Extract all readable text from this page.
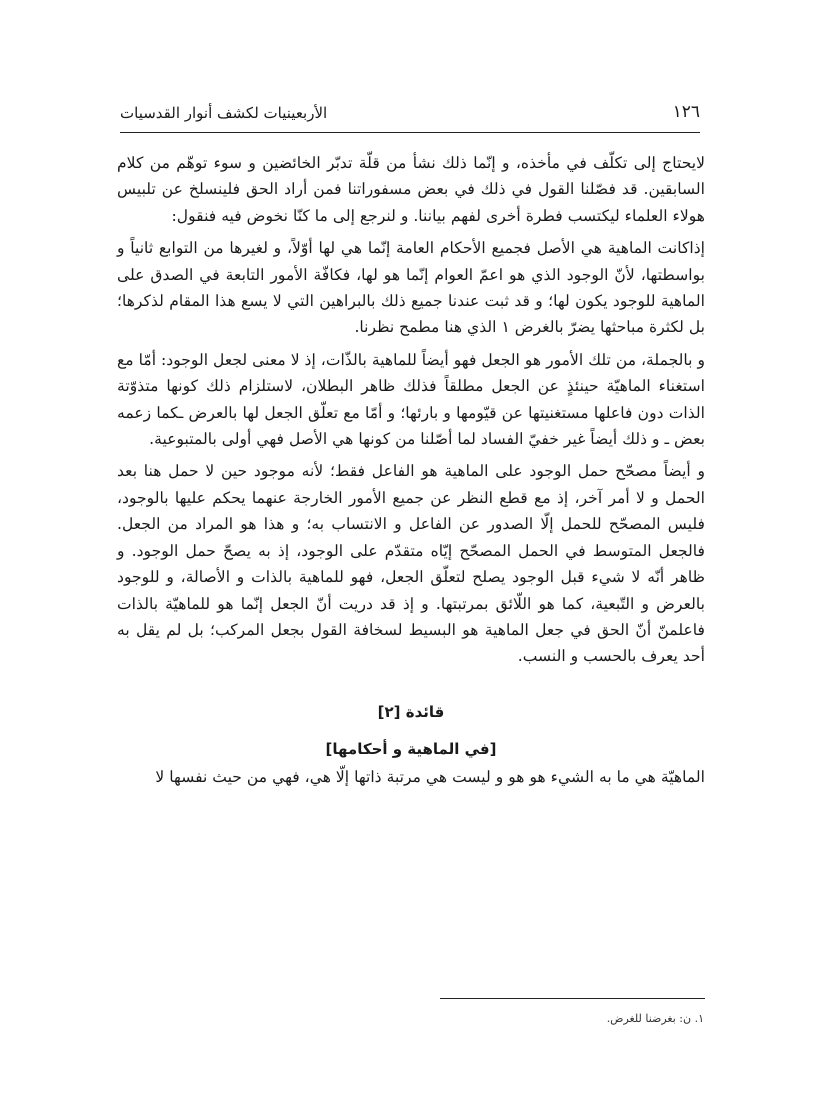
١٢٦
الأربعينيات لكشف أنوار القدسيات

لايحتاج إلى تكلّف في مأخذه، و إنّما ذلك نشأ من قلّة تدبّر الخائضين و سوء توهّم من كلام السابقين. قد فصّلنا القول في ذلك في بعض مسفوراتنا فمن أراد الحق فلينسلخ عن تلبيس هولاء العلماء ليكتسب فطرة أخرى لفهم بياننا. و لنرجع إلى ما كنّا نخوض فيه فنقول:

إذاكانت الماهية هي الأصل فجميع الأحكام العامة إنّما هي لها أوّلاً، و لغيرها من التوابع ثانياً و بواسطتها، لأنّ الوجود الذي هو اعمّ العوام إنّما هو لها، فكافّة الأمور التابعة في الصدق على الماهية للوجود يكون لها؛ و قد ثبت عندنا جميع ذلك بالبراهين التي لا يسع هذا المقام لذكرها؛ بل لكثرة مباحثها يضرّ بالغرض ١ الذي هنا مطمح نظرنا.

و بالجملة، من تلك الأمور هو الجعل فهو أيضاً للماهية بالذّات، إذ لا معنى لجعل الوجود: أمّا مع استغناء الماهيّة حينئذٍ عن الجعل مطلقاً فذلك ظاهر البطلان، لاستلزام ذلك كونها متذوّتة الذات دون فاعلها مستغنيتها عن قيّومها و بارئها؛ و أمّا مع تعلّق الجعل لها بالعرض ـكما زعمه بعض ـ و ذلك أيضاً غير خفيّ الفساد لما أصّلنا من كونها هي الأصل فهي أولى بالمتبوعية.

و أيضاً مصحّح حمل الوجود على الماهية هو الفاعل فقط؛ لأنه موجود حين لا حمل هنا بعد الحمل و لا أمر آخر، إذ مع قطع النظر عن جميع الأمور الخارجة عنهما يحكم عليها بالوجود، فليس المصحّح للحمل إلّا الصدور عن الفاعل و الانتساب به؛ و هذا هو المراد من الجعل. فالجعل المتوسط في الحمل المصحّح إيّاه متقدّم على الوجود، إذ به يصحّ حمل الوجود. و ظاهر أنّه لا شيء قبل الوجود يصلح لتعلّق الجعل، فهو للماهية بالذات و الأصالة، و للوجود بالعرض و التّبعية، كما هو اللّائق بمرتبتها. و إذ قد دريت أنّ الجعل إنّما هو للماهيّة بالذات فاعلمنّ أنّ الحق في جعل الماهية هو البسيط لسخافة القول بجعل المركب؛ بل لم يقل به أحد يعرف بالحسب و النسب.

قائدة [٢]
[في الماهية و أحكامها]

الماهيّة هي ما به الشيء هو هو و ليست هي مرتبة ذاتها إلّا هي، فهي من حيث نفسها لا

١. ن: بغرضنا للغرض.
